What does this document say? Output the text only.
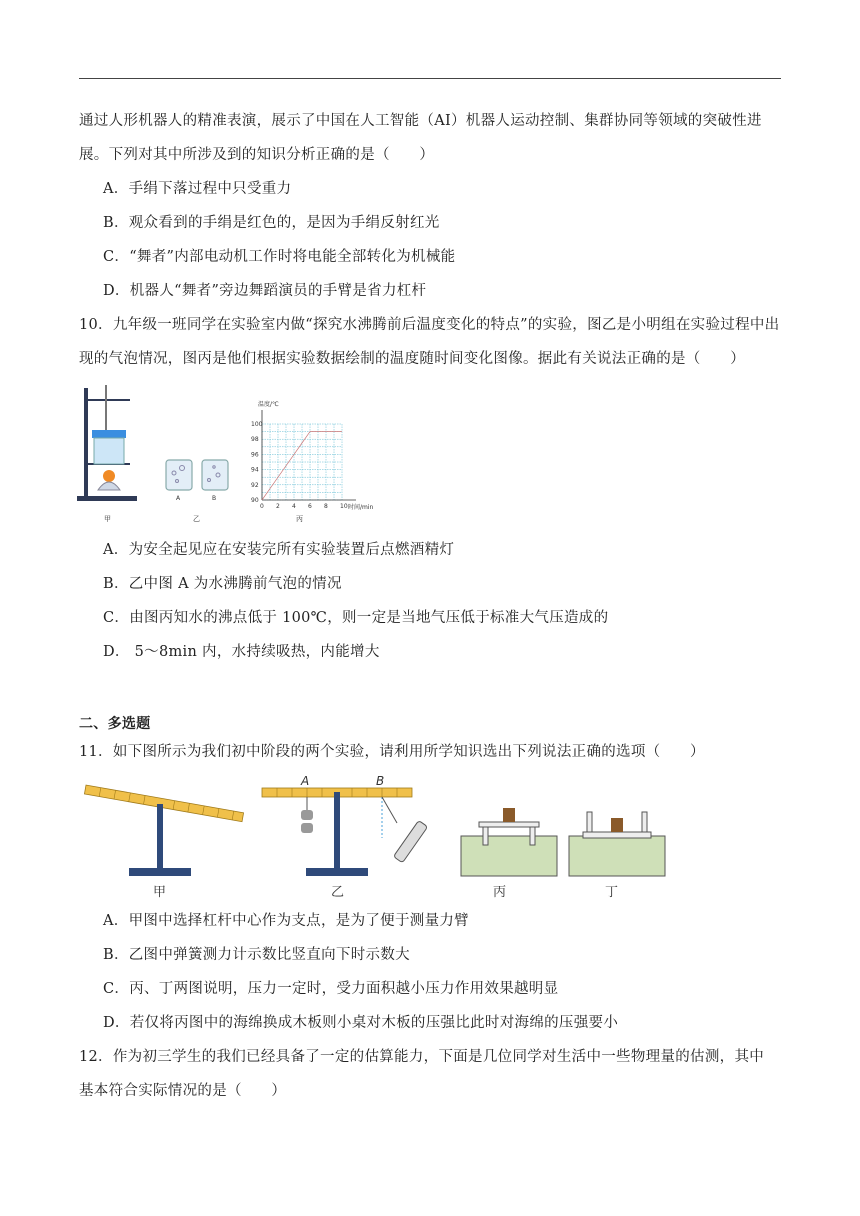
通过人形机器人的精准表演，展示了中国在人工智能（AI）机器人运动控制、集群协同等领域的突破性进
展。下列对其中所涉及到的知识分析正确的是（　　）
A．手绢下落过程中只受重力
B．观众看到的手绢是红色的，是因为手绢反射红光
C．“舞者”内部电动机工作时将电能全部转化为机械能
D．机器人“舞者”旁边舞蹈演员的手臂是省力杠杆
10．九年级一班同学在实验室内做“探究水沸腾前后温度变化的特点”的实验，图乙是小明组在实验过程中出
现的气泡情况，图丙是他们根据实验数据绘制的温度随时间变化图像。据此有关说法正确的是（　　）
甲
A	B
乙
0 2 4 6 8 10
90
92
94
96
98
100
温度/℃
时间/min
丙
A．为安全起见应在安装完所有实验装置后点燃酒精灯
B．乙中图 A 为水沸腾前气泡的情况
C．由图丙知水的沸点低于 100℃，则一定是当地气压低于标准大气压造成的
D． 5～8min 内，水持续吸热，内能增大
二、多选题
11．如下图所示为我们初中阶段的两个实验，请利用所学知识选出下列说法正确的选项（　　）
甲
A	B
乙	丙	丁
A．甲图中选择杠杆中心作为支点，是为了便于测量力臂
B．乙图中弹簧测力计示数比竖直向下时示数大
C．丙、丁两图说明，压力一定时，受力面积越小压力作用效果越明显
D．若仅将丙图中的海绵换成木板则小桌对木板的压强比此时对海绵的压强要小
12．作为初三学生的我们已经具备了一定的估算能力，下面是几位同学对生活中一些物理量的估测，其中
基本符合实际情况的是（　　）
